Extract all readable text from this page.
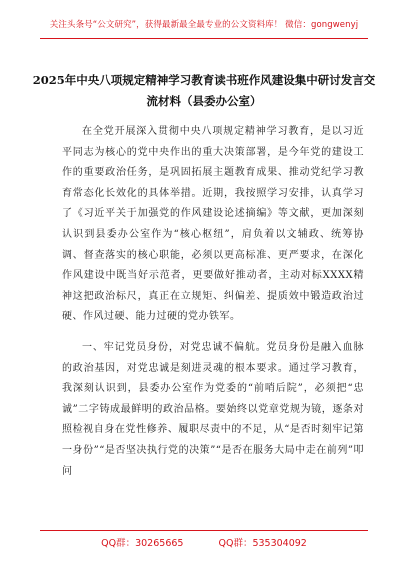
关注头条号“公文研究”，获得最新最全最专业的公文资料库！ 微信：gongwenyj
2025年中央八项规定精神学习教育读书班作风建设集中研讨发言交流材料（县委办公室）

在全党开展深入贯彻中央八项规定精神学习教育，是以习近平同志为核心的党中央作出的重大决策部署，是今年党的建设工作的重要政治任务，是巩固拓展主题教育成果、推动党纪学习教育常态化长效化的具体举措。近期，我按照学习安排，认真学习了《习近平关于加强党的作风建设论述摘编》等文献，更加深刻认识到县委办公室作为“核心枢纽”，肩负着以文辅政、统筹协调、督查落实的核心职能，必须以更高标准、更严要求，在深化作风建设中既当好示范者，更要做好推动者，主动对标XXXX精神这把政治标尺，真正在立规矩、纠偏差、提质效中锻造政治过硬、作风过硬、能力过硬的党办铁军。

一、牢记党员身份，对党忠诚不偏航。党员身份是融入血脉的政治基因，对党忠诚是刻进灵魂的根本要求。通过学习教育，我深刻认识到，县委办公室作为党委的“前哨后院”，必须把“忠诚”二字铸成最鲜明的政治品格。要始终以党章党规为镜，逐条对照检视自身在党性修养、履职尽责中的不足，从“是否时刻牢记第一身份”“是否坚决执行党的决策”“是否在服务大局中走在前列”叩问

QQ群：30265665	QQ群：535304092
